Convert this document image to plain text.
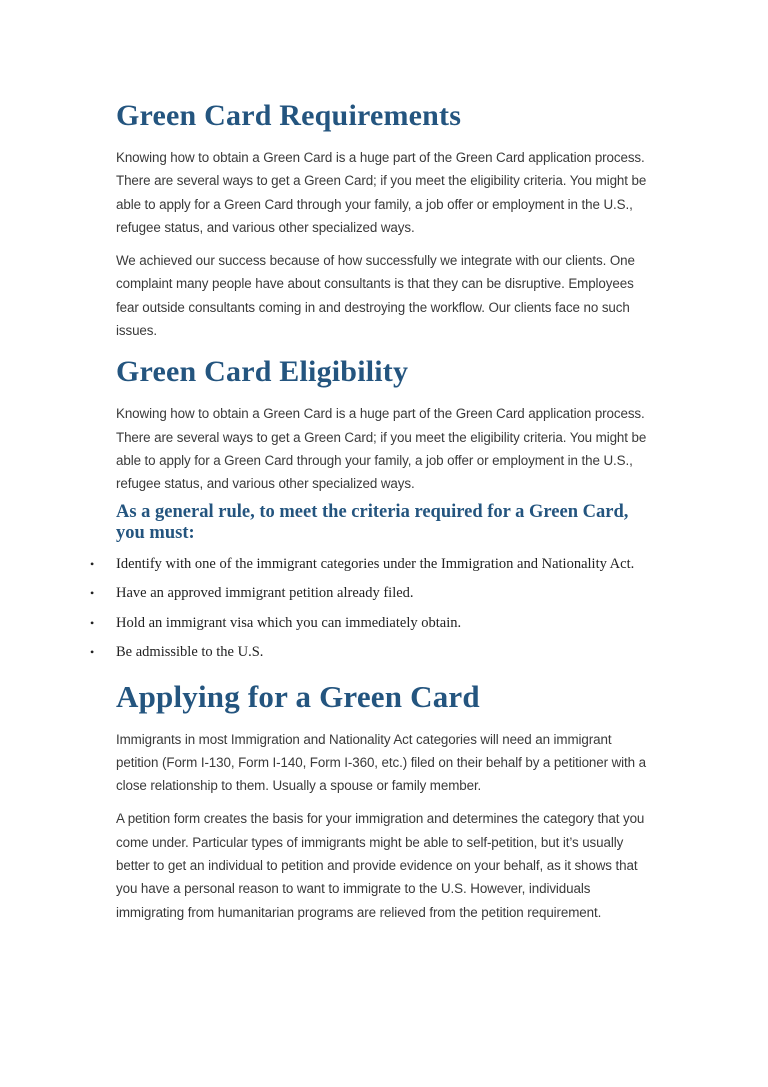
Green Card Requirements

Knowing how to obtain a Green Card is a huge part of the Green Card application process. There are several ways to get a Green Card; if you meet the eligibility criteria. You might be able to apply for a Green Card through your family, a job offer or employment in the U.S., refugee status, and various other specialized ways.

We achieved our success because of how successfully we integrate with our clients. One complaint many people have about consultants is that they can be disruptive. Employees fear outside consultants coming in and destroying the workflow. Our clients face no such issues.

Green Card Eligibility

Knowing how to obtain a Green Card is a huge part of the Green Card application process. There are several ways to get a Green Card; if you meet the eligibility criteria. You might be able to apply for a Green Card through your family, a job offer or employment in the U.S., refugee status, and various other specialized ways.

As a general rule, to meet the criteria required for a Green Card, you must:
• Identify with one of the immigrant categories under the Immigration and Nationality Act.
• Have an approved immigrant petition already filed.
• Hold an immigrant visa which you can immediately obtain.
• Be admissible to the U.S.
Applying for a Green Card

Immigrants in most Immigration and Nationality Act categories will need an immigrant petition (Form I-130, Form I-140, Form I-360, etc.) filed on their behalf by a petitioner with a close relationship to them. Usually a spouse or family member.

A petition form creates the basis for your immigration and determines the category that you come under. Particular types of immigrants might be able to self-petition, but it’s usually better to get an individual to petition and provide evidence on your behalf, as it shows that you have a personal reason to want to immigrate to the U.S. However, individuals immigrating from humanitarian programs are relieved from the petition requirement.
